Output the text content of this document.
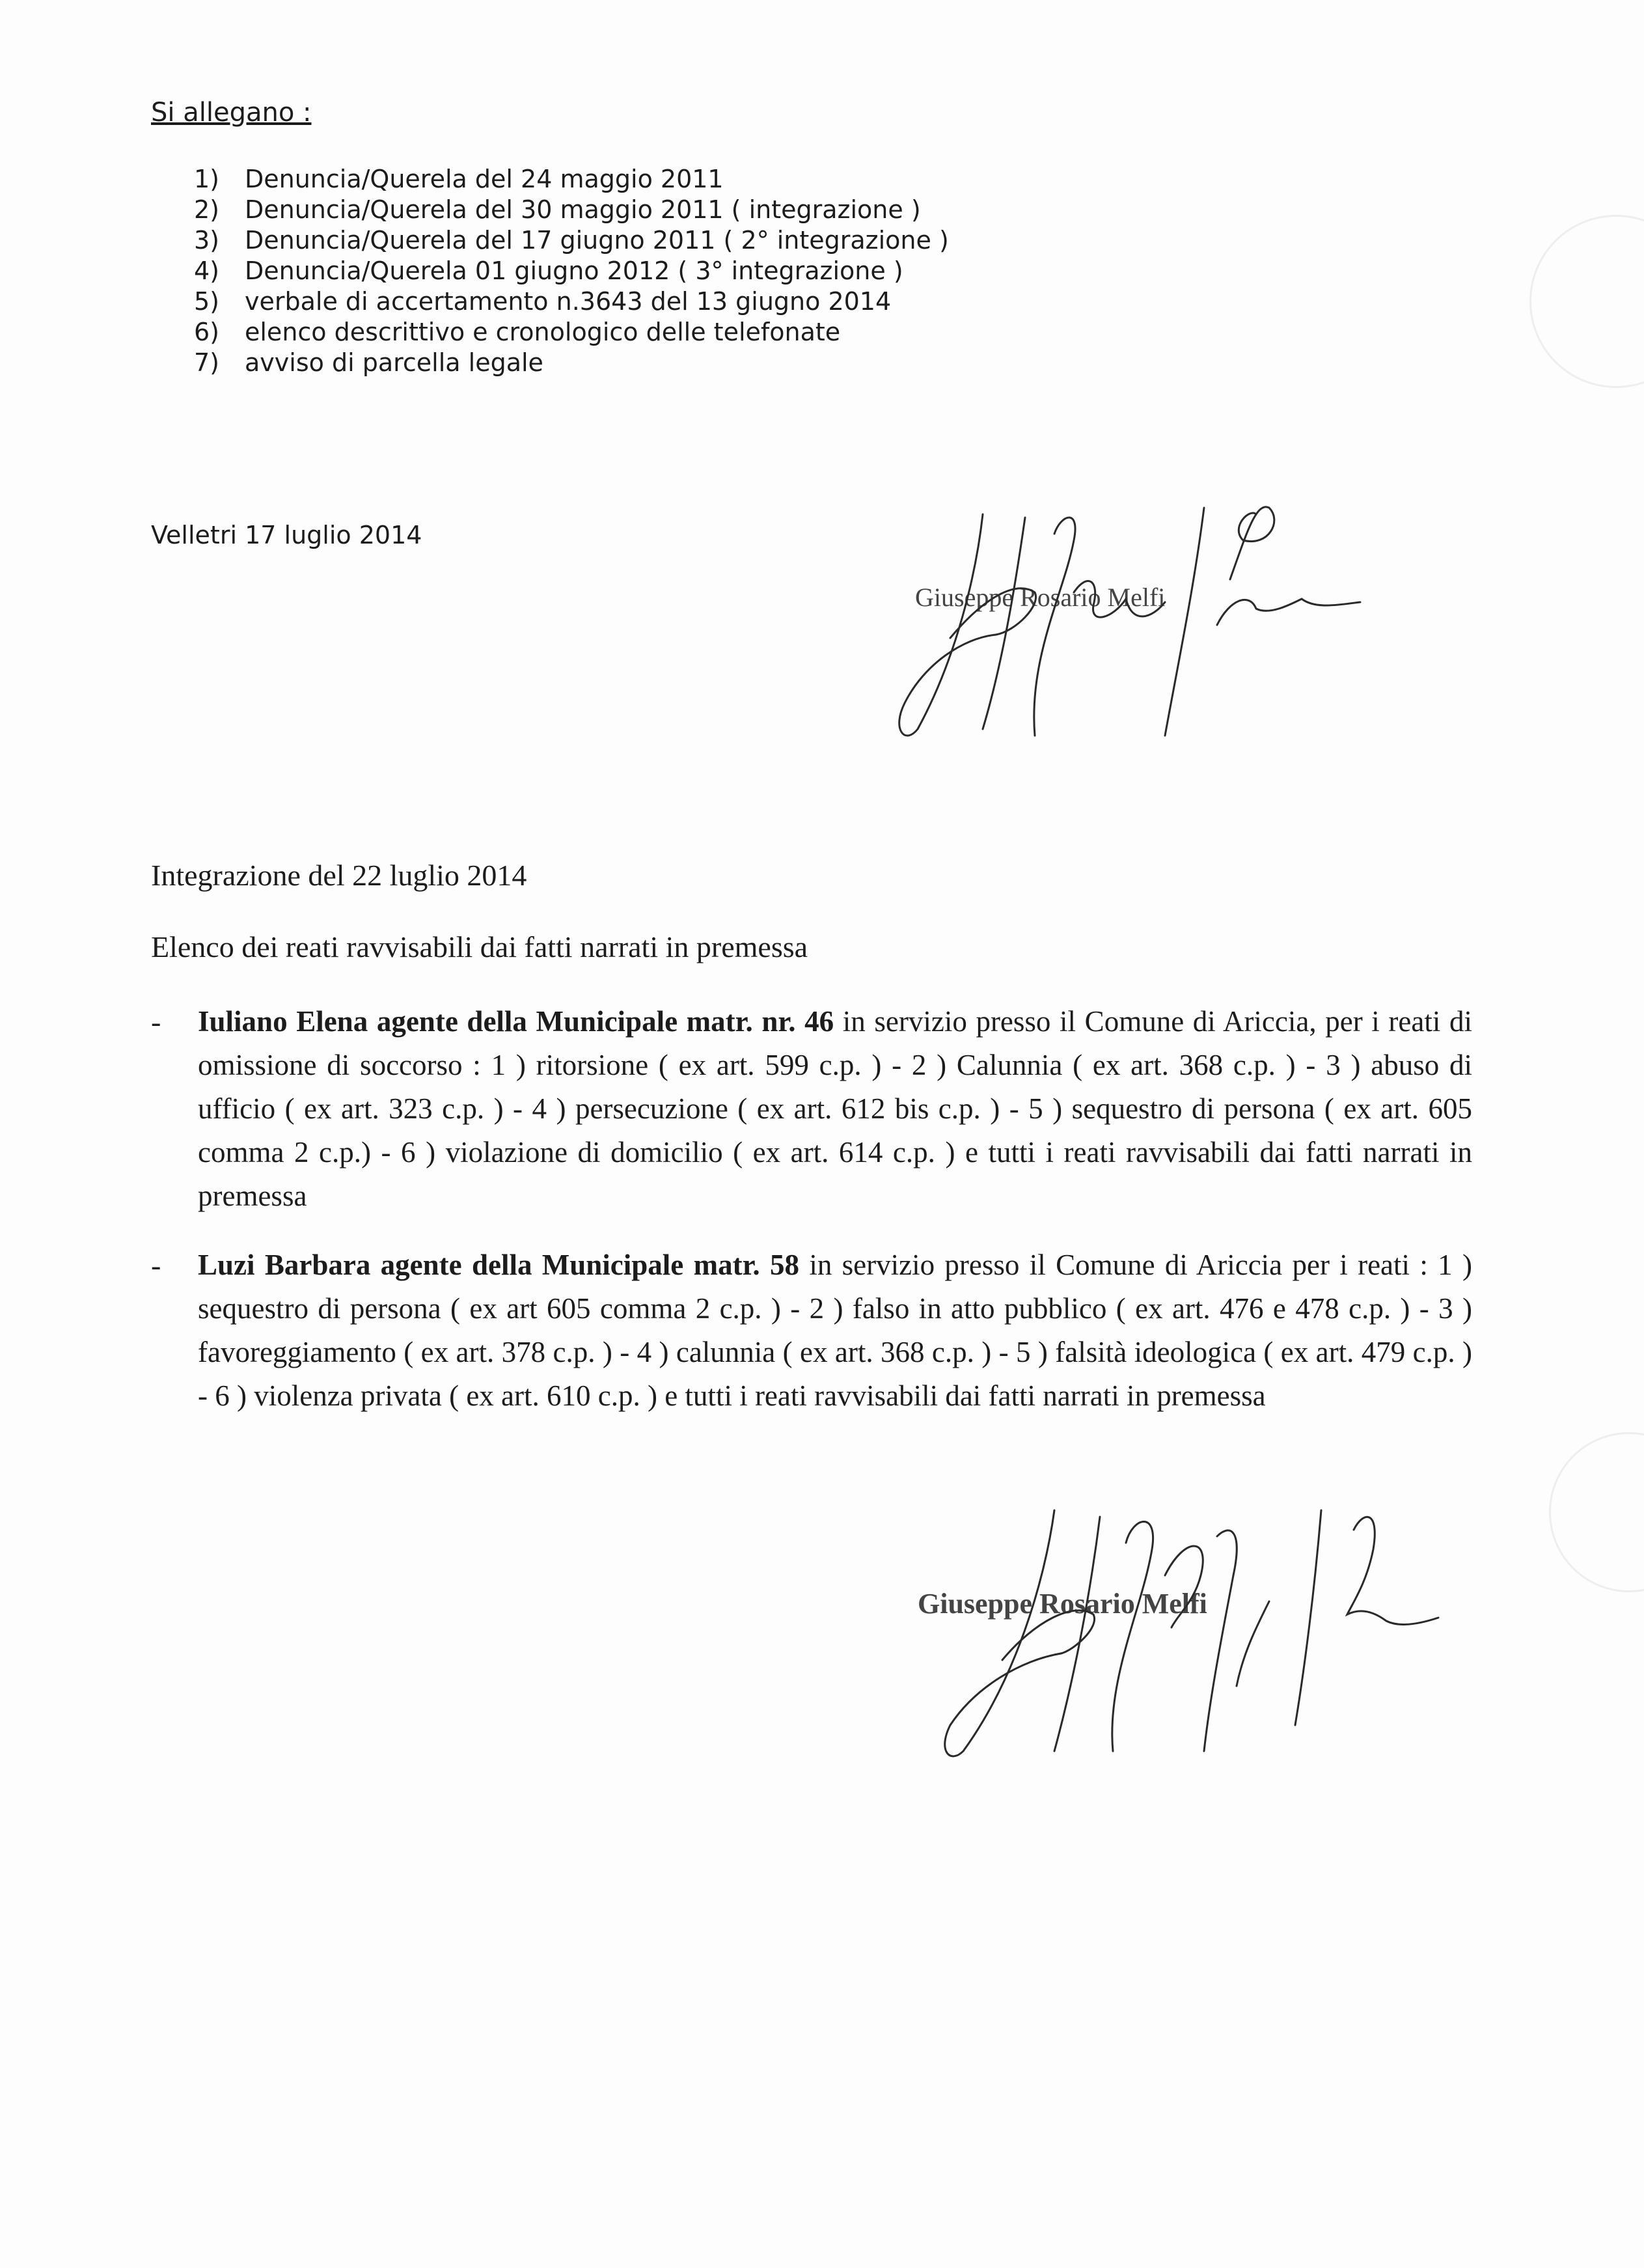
Si allegano :
1) Denuncia/Querela del 24 maggio 2011
2) Denuncia/Querela del 30 maggio 2011 ( integrazione )
3) Denuncia/Querela del 17 giugno 2011 ( 2° integrazione )
4) Denuncia/Querela 01 giugno 2012 ( 3° integrazione )
5) verbale di accertamento n.3643 del 13 giugno 2014
6) elenco descrittivo e cronologico delle telefonate
7) avviso di parcella legale
Velletri 17 luglio 2014
Giuseppe Rosario Melfi
Integrazione del 22 luglio 2014
Elenco dei reati ravvisabili dai fatti narrati in premessa
- Iuliano Elena agente della Municipale matr. nr. 46 in servizio presso il Comune di Ariccia, per i reati di omissione di soccorso : 1 ) ritorsione ( ex art. 599 c.p. ) - 2 ) Calunnia ( ex art. 368 c.p. ) - 3 ) abuso di ufficio ( ex art. 323 c.p. ) - 4 ) persecuzione ( ex art. 612 bis c.p. ) - 5 ) sequestro di persona ( ex art. 605 comma 2 c.p.) - 6 ) violazione di domicilio ( ex art. 614 c.p. ) e tutti i reati ravvisabili dai fatti narrati in premessa

- Luzi Barbara agente della Municipale matr. 58 in servizio presso il Comune di Ariccia per i reati : 1 ) sequestro di persona ( ex art 605 comma 2 c.p. ) - 2 ) falso in atto pubblico ( ex art. 476 e 478 c.p. ) - 3 ) favoreggiamento ( ex art. 378 c.p. ) - 4 ) calunnia ( ex art. 368 c.p. ) - 5 ) falsità ideologica ( ex art. 479 c.p. ) - 6 ) violenza privata ( ex art. 610 c.p. ) e tutti i reati ravvisabili dai fatti narrati in premessa

Giuseppe Rosario Melfi
